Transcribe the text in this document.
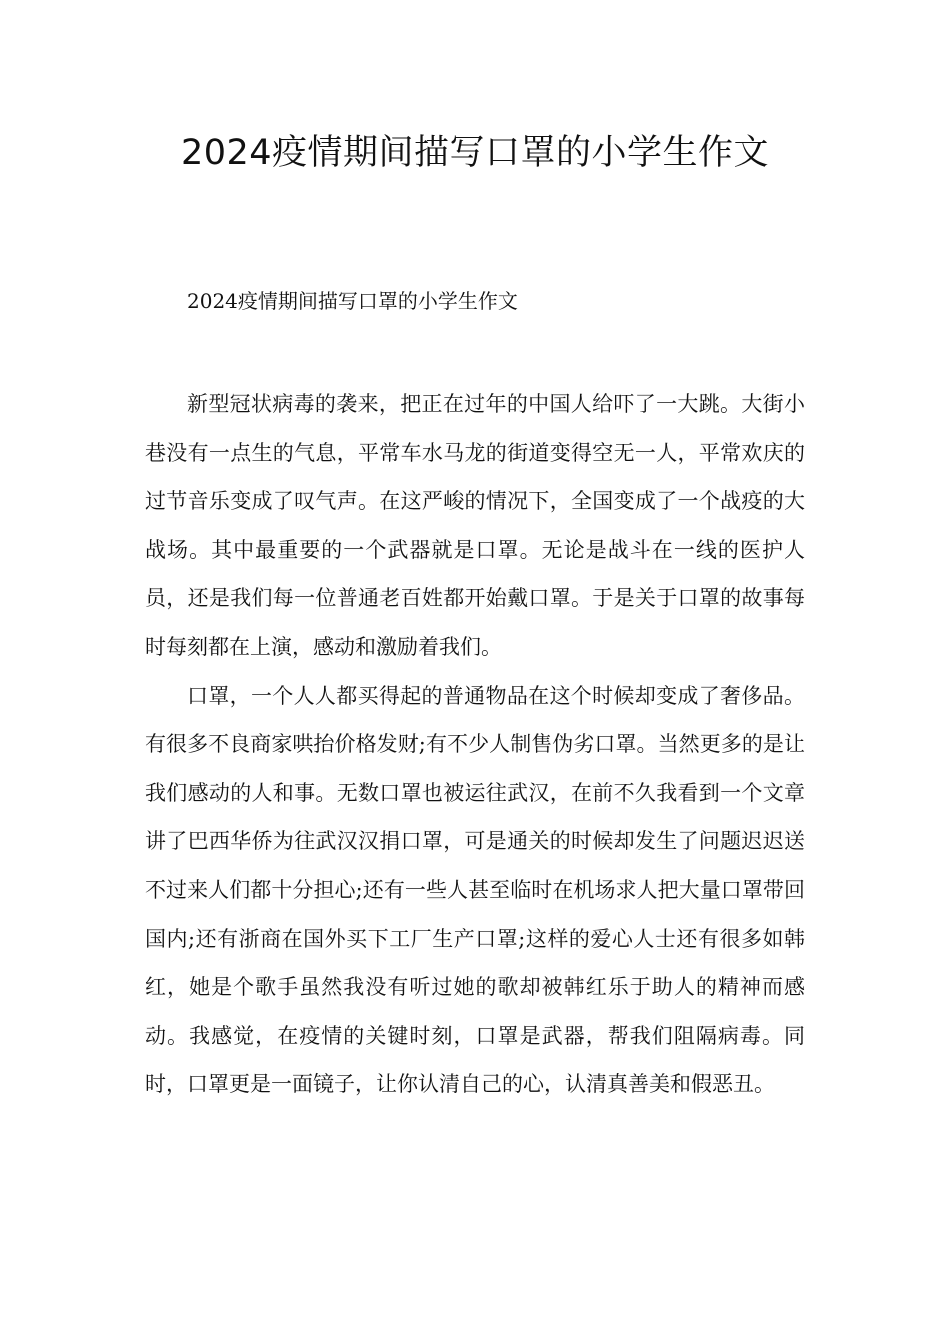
2024疫情期间描写口罩的小学生作文
2024疫情期间描写口罩的小学生作文

新型冠状病毒的袭来，把正在过年的中国人给吓了一大跳。大街小巷没有一点生的气息，平常车水马龙的街道变得空无一人，平常欢庆的过节音乐变成了叹气声。在这严峻的情况下，全国变成了一个战疫的大战场。其中最重要的一个武器就是口罩。无论是战斗在一线的医护人员，还是我们每一位普通老百姓都开始戴口罩。于是关于口罩的故事每时每刻都在上演，感动和激励着我们。

口罩，一个人人都买得起的普通物品在这个时候却变成了奢侈品。有很多不良商家哄抬价格发财;有不少人制售伪劣口罩。当然更多的是让我们感动的人和事。无数口罩也被运往武汉，在前不久我看到一个文章讲了巴西华侨为往武汉汉捐口罩，可是通关的时候却发生了问题迟迟送不过来人们都十分担心;还有一些人甚至临时在机场求人把大量口罩带回国内;还有浙商在国外买下工厂生产口罩;这样的爱心人士还有很多如韩红，她是个歌手虽然我没有听过她的歌却被韩红乐于助人的精神而感动。我感觉，在疫情的关键时刻，口罩是武器，帮我们阻隔病毒。同时，口罩更是一面镜子，让你认清自己的心，认清真善美和假恶丑。
